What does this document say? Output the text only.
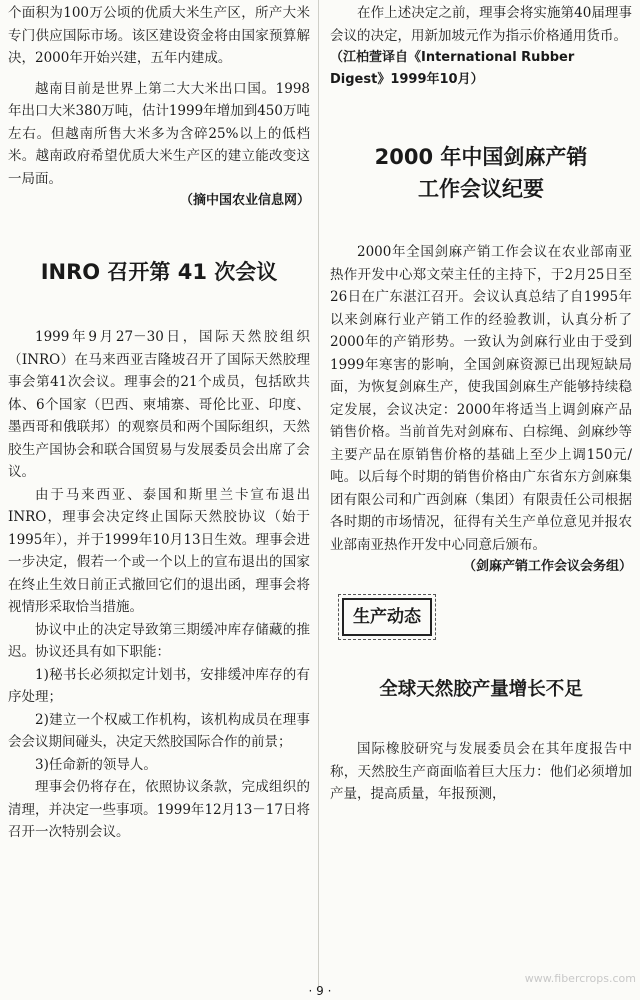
个面积为100万公顷的优质大米生产区，所产大米专门供应国际市场。该区建设资金将由国家预算解决，2000年开始兴建，五年内建成。

越南目前是世界上第二大大米出口国。1998年出口大米380万吨，估计1999年增加到450万吨左右。但越南所售大米多为含碎25%以上的低档米。越南政府希望优质大米生产区的建立能改变这一局面。

（摘中国农业信息网）
INRO 召开第 41 次会议

1999年9月27－30日，国际天然胶组织（INRO）在马来西亚吉隆坡召开了国际天然胶理事会第41次会议。理事会的21个成员，包括欧共体、6个国家（巴西、柬埔寨、哥伦比亚、印度、墨西哥和俄联邦）的观察员和两个国际组织，天然胶生产国协会和联合国贸易与发展委员会出席了会议。

由于马来西亚、泰国和斯里兰卡宣布退出INRO，理事会决定终止国际天然胶协议（始于1995年），并于1999年10月13日生效。理事会进一步决定，假若一个或一个以上的宣布退出的国家在终止生效日前正式撤回它们的退出函，理事会将视情形采取恰当措施。

协议中止的决定导致第三期缓冲库存储藏的推迟。协议还具有如下职能：

1)秘书长必须拟定计划书，安排缓冲库存的有序处理；

2)建立一个权威工作机构，该机构成员在理事会会议期间碰头，决定天然胶国际合作的前景；

3)任命新的领导人。

理事会仍将存在，依照协议条款，完成组织的清理，并决定一些事项。1999年12月13－17日将召开一次特别会议。

在作上述决定之前，理事会将实施第40届理事会议的决定，用新加坡元作为指示价格通用货币。

（江柏萱译自《International Rubber Digest》1999年10月）
2000 年中国剑麻产销
工作会议纪要

2000年全国剑麻产销工作会议在农业部南亚热作开发中心郑文荣主任的主持下，于2月25日至26日在广东湛江召开。会议认真总结了自1995年以来剑麻行业产销工作的经验教训，认真分析了2000年的产销形势。一致认为剑麻行业由于受到1999年寒害的影响，全国剑麻资源已出现短缺局面，为恢复剑麻生产，使我国剑麻生产能够持续稳定发展，会议决定：2000年将适当上调剑麻产品销售价格。当前首先对剑麻布、白棕绳、剑麻纱等主要产品在原销售价格的基础上至少上调150元/吨。以后每个时期的销售价格由广东省东方剑麻集团有限公司和广西剑麻（集团）有限责任公司根据各时期的市场情况，征得有关生产单位意见并报农业部南亚热作开发中心同意后颁布。

（剑麻产销工作会议会务组）
生产动态
全球天然胶产量增长不足

国际橡胶研究与发展委员会在其年度报告中称，天然胶生产商面临着巨大压力：他们必须增加产量，提高质量，年报预测，

· 9 ·
www.fibercrops.com
